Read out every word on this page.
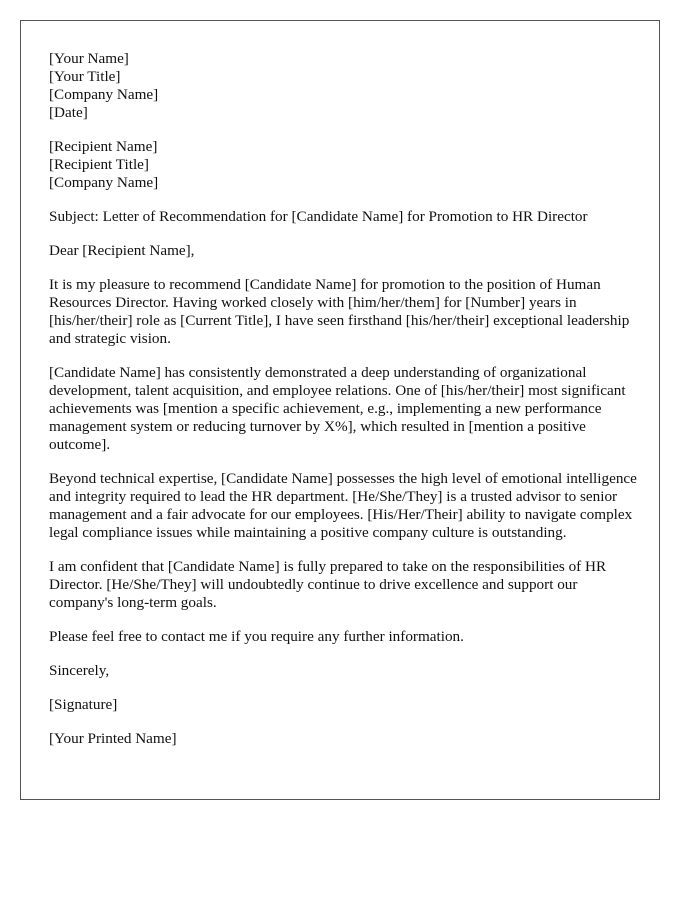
[Your Name]
[Your Title]
[Company Name]
[Date]
[Recipient Name]
[Recipient Title]
[Company Name]

Subject: Letter of Recommendation for [Candidate Name] for Promotion to HR Director

Dear [Recipient Name],

It is my pleasure to recommend [Candidate Name] for promotion to the position of Human Resources Director. Having worked closely with [him/her/them] for [Number] years in [his/her/their] role as [Current Title], I have seen firsthand [his/her/their] exceptional leadership and strategic vision.

[Candidate Name] has consistently demonstrated a deep understanding of organizational development, talent acquisition, and employee relations. One of [his/her/their] most significant achievements was [mention a specific achievement, e.g., implementing a new performance management system or reducing turnover by X%], which resulted in [mention a positive outcome].

Beyond technical expertise, [Candidate Name] possesses the high level of emotional intelligence and integrity required to lead the HR department. [He/She/They] is a trusted advisor to senior management and a fair advocate for our employees. [His/Her/Their] ability to navigate complex legal compliance issues while maintaining a positive company culture is outstanding.

I am confident that [Candidate Name] is fully prepared to take on the responsibilities of HR Director. [He/She/They] will undoubtedly continue to drive excellence and support our company's long-term goals.

Please feel free to contact me if you require any further information.

Sincerely,

[Signature]

[Your Printed Name]
